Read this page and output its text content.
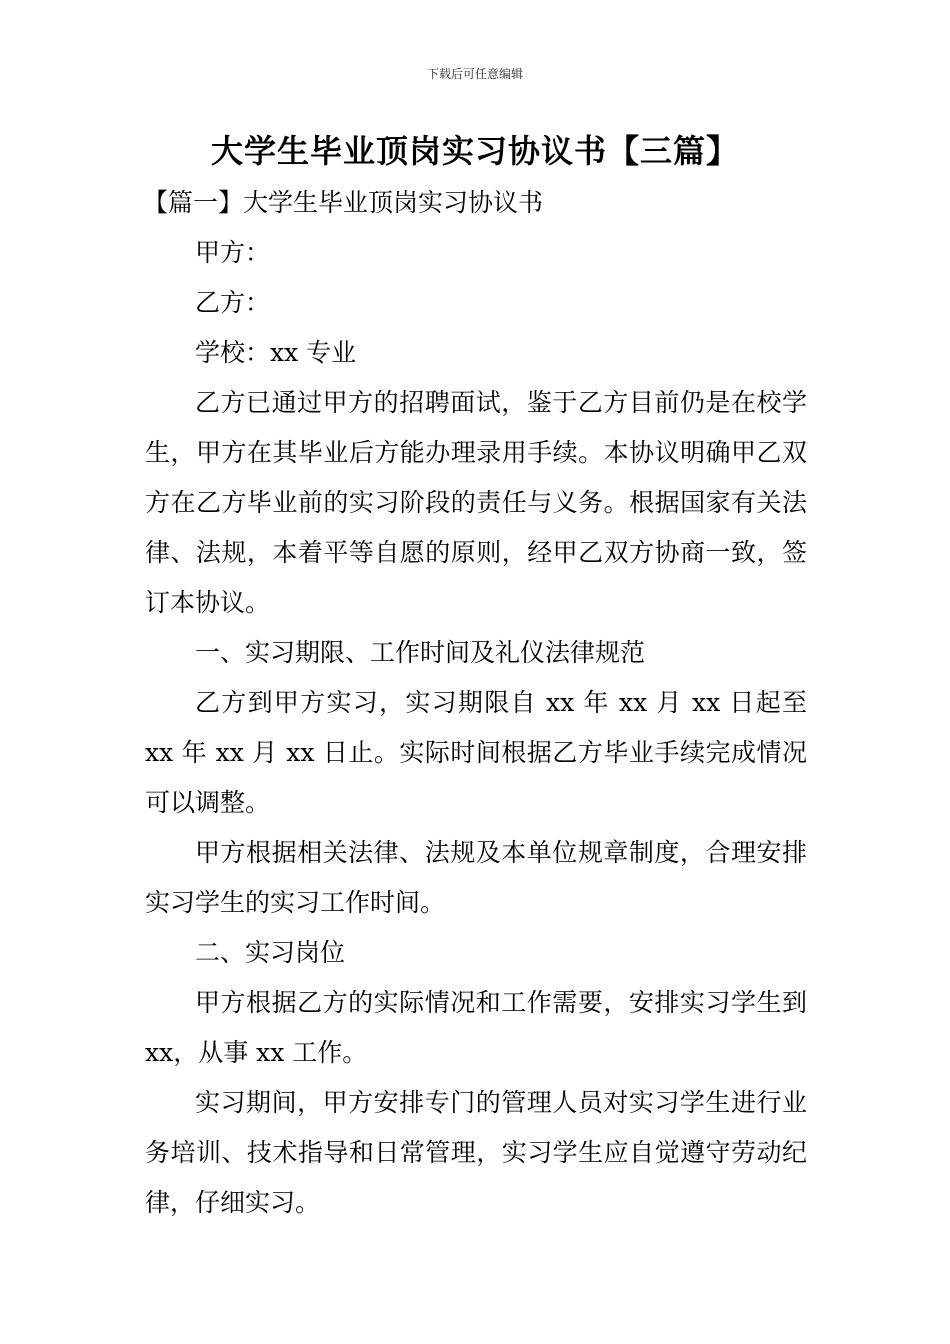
下载后可任意编辑
大学生毕业顶岗实习协议书【三篇】

【篇一】大学生毕业顶岗实习协议书

甲方：

乙方：

学校：xx 专业

乙方已通过甲方的招聘面试，鉴于乙方目前仍是在校学生，甲方在其毕业后方能办理录用手续。本协议明确甲乙双方在乙方毕业前的实习阶段的责任与义务。根据国家有关法律、法规，本着平等自愿的原则，经甲乙双方协商一致，签订本协议。

一、实习期限、工作时间及礼仪法律规范

乙方到甲方实习，实习期限自 xx 年 xx 月 xx 日起至 xx 年 xx 月 xx 日止。实际时间根据乙方毕业手续完成情况可以调整。

甲方根据相关法律、法规及本单位规章制度，合理安排实习学生的实习工作时间。

二、实习岗位

甲方根据乙方的实际情况和工作需要，安排实习学生到 xx，从事 xx 工作。

实习期间，甲方安排专门的管理人员对实习学生进行业务培训、技术指导和日常管理，实习学生应自觉遵守劳动纪律，仔细实习。
